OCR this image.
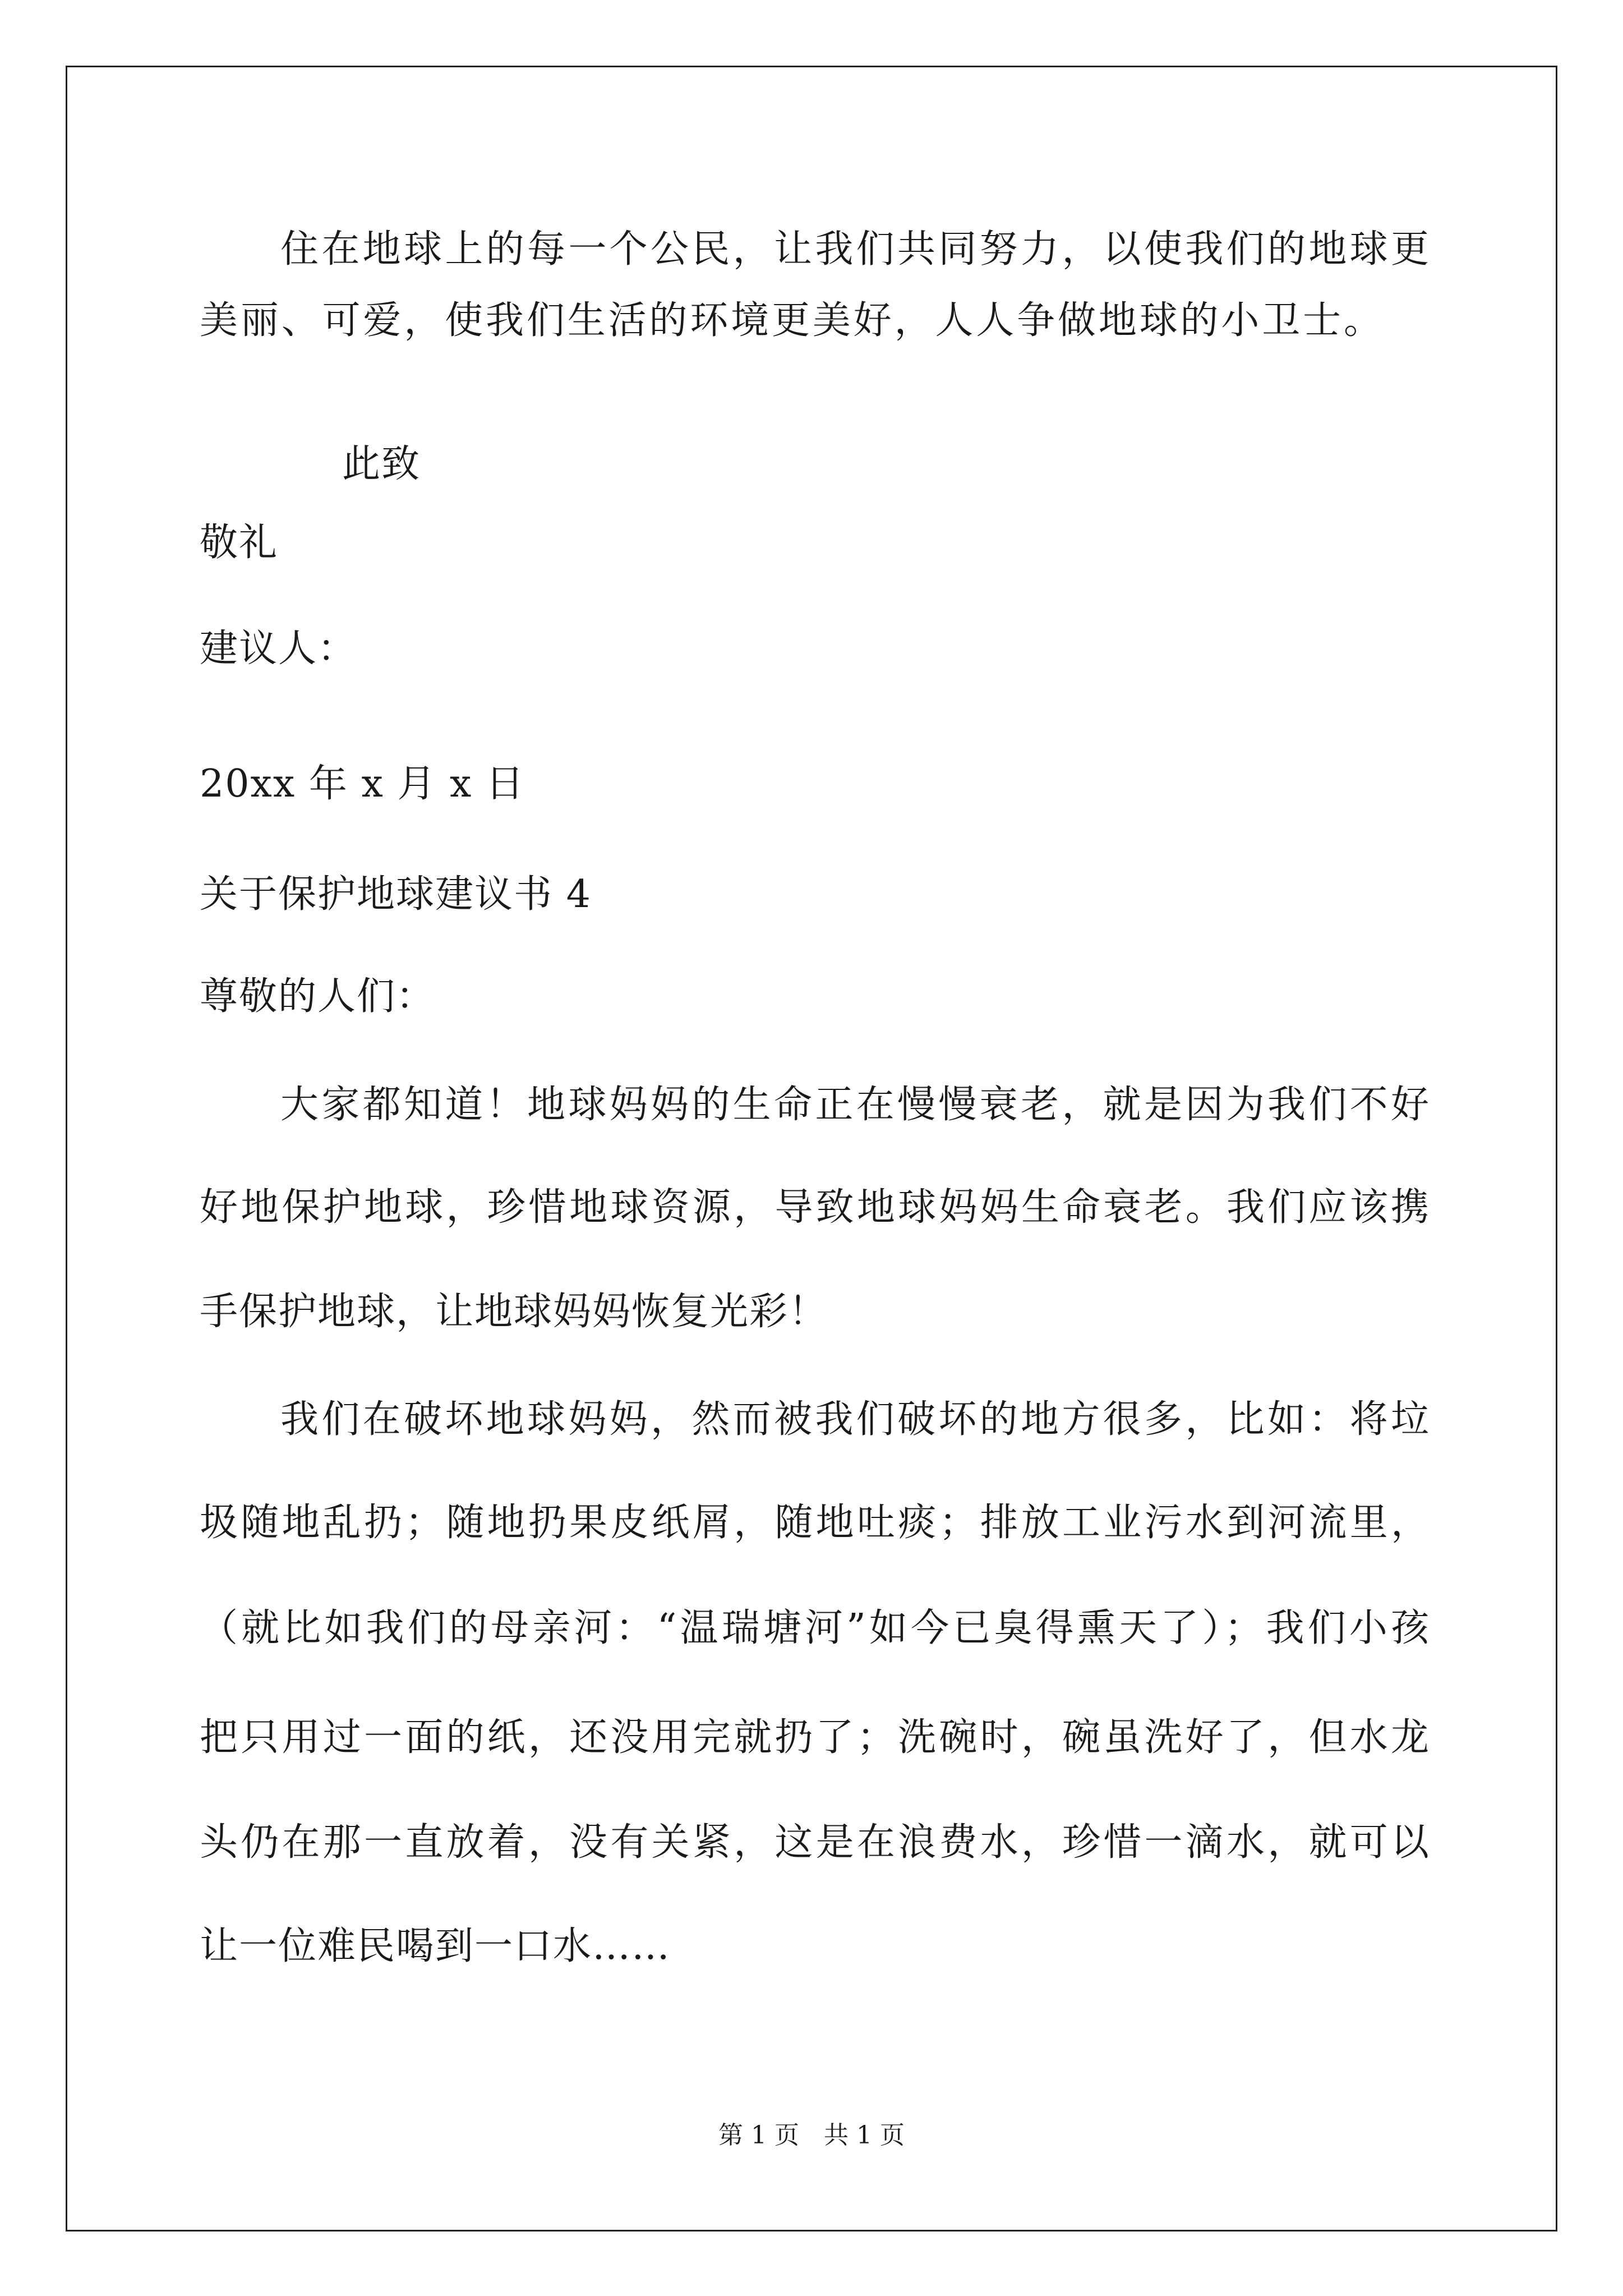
住在地球上的每一个公民，让我们共同努力，以使我们的地球更
美丽、可爱，使我们生活的环境更美好，人人争做地球的小卫士。
此致
敬礼
建议人：
20xx 年 x 月 x 日
关于保护地球建议书 4
尊敬的人们：
大家都知道！地球妈妈的生命正在慢慢衰老，就是因为我们不好
好地保护地球，珍惜地球资源，导致地球妈妈生命衰老。我们应该携
手保护地球，让地球妈妈恢复光彩！
我们在破坏地球妈妈，然而被我们破坏的地方很多，比如：将垃
圾随地乱扔；随地扔果皮纸屑，随地吐痰；排放工业污水到河流里，
（就比如我们的母亲河：“温瑞塘河”如今已臭得熏天了）；我们小孩
把只用过一面的纸，还没用完就扔了；洗碗时，碗虽洗好了，但水龙
头仍在那一直放着，没有关紧，这是在浪费水，珍惜一滴水，就可以
让一位难民喝到一口水……
第 1 页　共 1 页
